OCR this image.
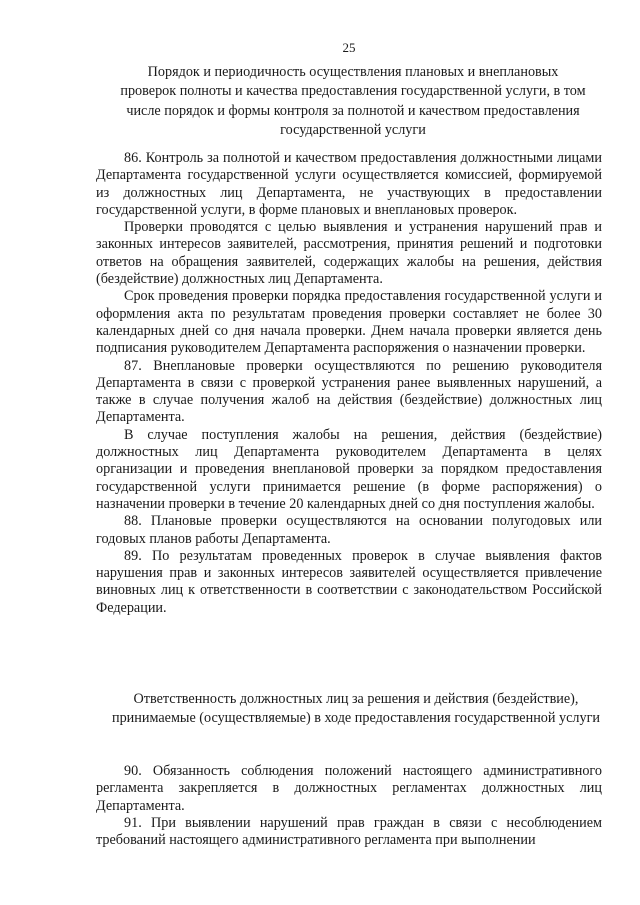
25

Порядок и периодичность осуществления плановых и внеплановых проверок полноты и качества предоставления государственной услуги, в том числе порядок и формы контроля за полнотой и качеством предоставления государственной услуги

86. Контроль за полнотой и качеством предоставления должностными лицами Департамента государственной услуги осуществляется комиссией, формируемой из должностных лиц Департамента, не участвующих в предоставлении государственной услуги, в форме плановых и внеплановых проверок.

Проверки проводятся с целью выявления и устранения нарушений прав и законных интересов заявителей, рассмотрения, принятия решений и подготовки ответов на обращения заявителей, содержащих жалобы на решения, действия (бездействие) должностных лиц Департамента.

Срок проведения проверки порядка предоставления государственной услуги и оформления акта по результатам проведения проверки составляет не более 30 календарных дней со дня начала проверки. Днем начала проверки является день подписания руководителем Департамента распоряжения о назначении проверки.

87. Внеплановые проверки осуществляются по решению руководителя Департамента в связи с проверкой устранения ранее выявленных нарушений, а также в случае получения жалоб на действия (бездействие) должностных лиц Департамента.

В случае поступления жалобы на решения, действия (бездействие) должностных лиц Департамента руководителем Департамента в целях организации и проведения внеплановой проверки за порядком предоставления государственной услуги принимается решение (в форме распоряжения) о назначении проверки в течение 20 календарных дней со дня поступления жалобы.

88. Плановые проверки осуществляются на основании полугодовых или годовых планов работы Департамента.

89. По результатам проведенных проверок в случае выявления фактов нарушения прав и законных интересов заявителей осуществляется привлечение виновных лиц к ответственности в соответствии с законодательством Российской Федерации.

Ответственность должностных лиц за решения и действия (бездействие), принимаемые (осуществляемые) в ходе предоставления государственной услуги

90. Обязанность соблюдения положений настоящего административного регламента закрепляется в должностных регламентах должностных лиц Департамента.

91. При выявлении нарушений прав граждан в связи с несоблюдением требований настоящего административного регламента при выполнении
